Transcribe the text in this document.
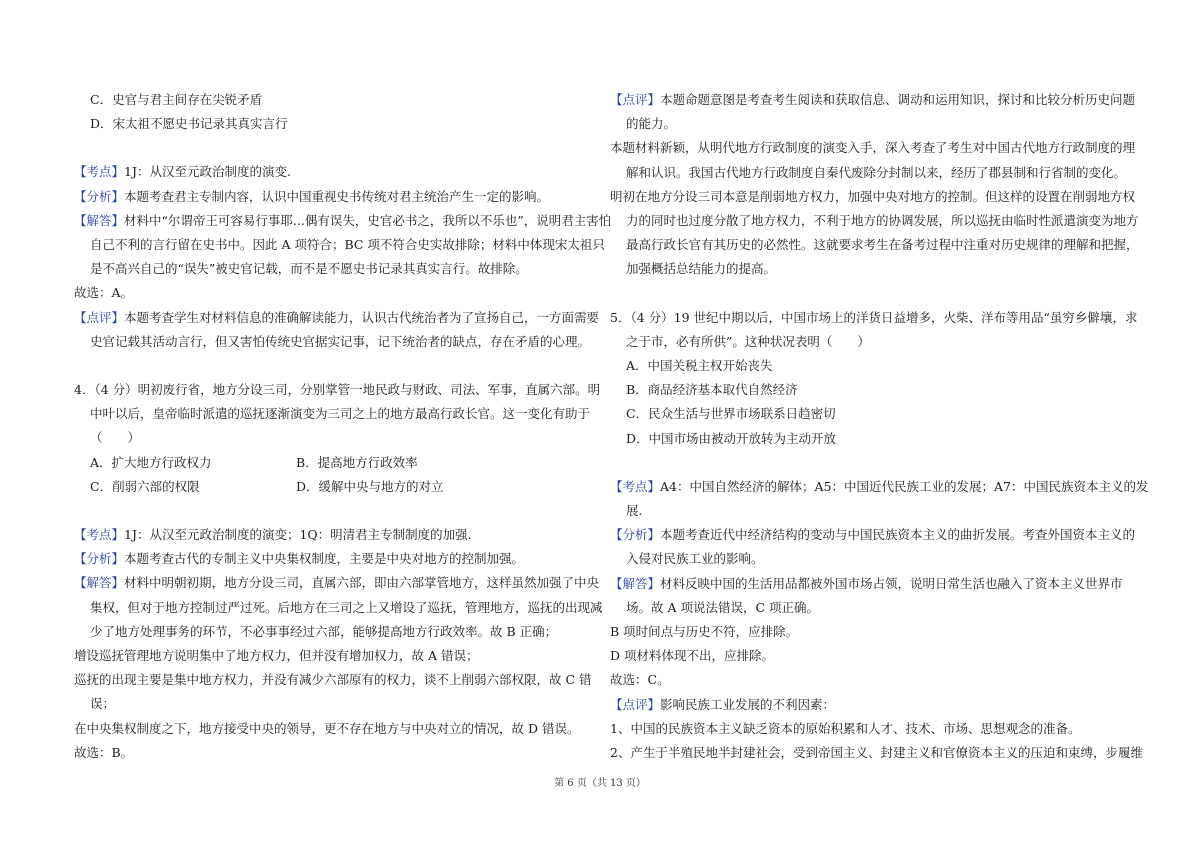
C．史官与君主间存在尖锐矛盾
D．宋太祖不愿史书记录其真实言行
【考点】1J：从汉至元政治制度的演变.
【分析】本题考查君主专制内容，认识中国重视史书传统对君主统治产生一定的影响。
【解答】材料中“尔谓帝王可容易行事耶...偶有误失，史官必书之，我所以不乐也”，说明君主害怕
自己不利的言行留在史书中。因此 A 项符合；BC 项不符合史实故排除；材料中体现宋太祖只
是不高兴自己的“误失”被史官记载，而不是不愿史书记录其真实言行。故排除。
故选：A。
【点评】本题考查学生对材料信息的准确解读能力，认识古代统治者为了宣扬自己，一方面需要
史官记载其活动言行，但又害怕传统史官据实记事，记下统治者的缺点，存在矛盾的心理。
4．（4 分）明初废行省，地方分设三司，分别掌管一地民政与财政、司法、军事，直属六部。明
中叶以后，皇帝临时派遣的巡抚逐渐演变为三司之上的地方最高行政长官。这一变化有助于
（　　）
A．扩大地方行政权力	B．提高地方行政效率
C．削弱六部的权限	D．缓解中央与地方的对立
【考点】1J：从汉至元政治制度的演变；1Q：明清君主专制制度的加强.
【分析】本题考查古代的专制主义中央集权制度，主要是中央对地方的控制加强。
【解答】材料中明朝初期，地方分设三司，直属六部，即由六部掌管地方，这样虽然加强了中央
集权，但对于地方控制过严过死。后地方在三司之上又增设了巡抚，管理地方，巡抚的出现减
少了地方处理事务的环节，不必事事经过六部，能够提高地方行政效率。故 B 正确；
增设巡抚管理地方说明集中了地方权力，但并没有增加权力，故 A 错误；
巡抚的出现主要是集中地方权力，并没有减少六部原有的权力，谈不上削弱六部权限，故 C 错
误；
在中央集权制度之下，地方接受中央的领导，更不存在地方与中央对立的情况，故 D 错误。
故选：B。
【点评】本题命题意图是考查考生阅读和获取信息、调动和运用知识，探讨和比较分析历史问题
的能力。
本题材料新颖，从明代地方行政制度的演变入手，深入考查了考生对中国古代地方行政制度的理
解和认识。我国古代地方行政制度自秦代废除分封制以来，经历了郡县制和行省制的变化。
明初在地方分设三司本意是削弱地方权力，加强中央对地方的控制。但这样的设置在削弱地方权
力的同时也过度分散了地方权力，不利于地方的协调发展，所以巡抚由临时性派遣演变为地方
最高行政长官有其历史的必然性。这就要求考生在备考过程中注重对历史规律的理解和把握，
加强概括总结能力的提高。
5．（4 分）19 世纪中期以后，中国市场上的洋货日益增多，火柴、洋布等用品“虽穷乡僻壤，求
之于市，必有所供”。这种状况表明（　　）
A．中国关税主权开始丧失
B．商品经济基本取代自然经济
C．民众生活与世界市场联系日趋密切
D．中国市场由被动开放转为主动开放
【考点】A4：中国自然经济的解体；A5：中国近代民族工业的发展；A7：中国民族资本主义的发
展.
【分析】本题考查近代中经济结构的变动与中国民族资本主义的曲折发展。考查外国资本主义的
入侵对民族工业的影响。
【解答】材料反映中国的生活用品都被外国市场占领，说明日常生活也融入了资本主义世界市
场。故 A 项说法错误，C 项正确。
B 项时间点与历史不符，应排除。
D 项材料体现不出，应排除。
故选：C。
【点评】影响民族工业发展的不利因素：
1、中国的民族资本主义缺乏资本的原始积累和人才、技术、市场、思想观念的准备。
2、产生于半殖民地半封建社会，受到帝国主义、封建主义和官僚资本主义的压迫和束缚，步履维
第 6 页（共 13 页）
